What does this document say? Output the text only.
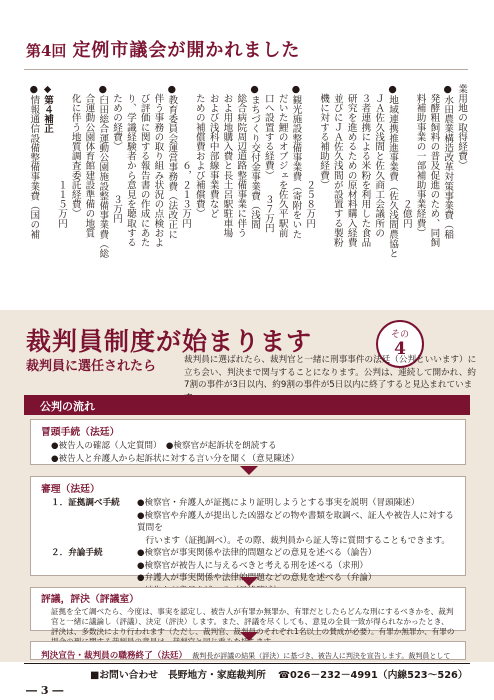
第4回 定例市議会が開かれました

業用地の取得経費）

●水田農業構造改革対策事業費（稲

　発酵粗飼料の普及促進のため、同飼

　料補助事業の一部補助事業経費）

　　　　　　　　　　　　２億円

●地域連携推進事業費（佐久浅間農協と

　ＪＡ佐久浅間と佐久商工会議所の

　３者連携による米粉を利用した食品

　研究を進めるための原材料購入経費

　並びにＪＡ佐久浅間が設置する製粉

　機に対する補助経費）

　　　　　　　　　　２５８万円

●観光施設整備事業費（寄附をいた

　だいた鯉のオブジェを佐久平駅前

　口へ設置する経費）　　３７万円

●まちづくり交付金事業費（浅間

　総合病院周辺道路整備事業に伴う

　およ用地購入費と長土呂駅駐車場

　および浅科中部線事業費など

　ための補償費および補償費）

　　　　　　　　６，２１３万円

●教育委員会運営事務費（法改正に

　伴う事務の取り組み状況の点検およ

　び評価に関する報告書の作成にあた

　り、学識経験者から意見を聴取する

　ための経費）　　　　　３万円

●臼田総合運動公園施設整備事業費（総

　合運動公園体育館建設準備の地質

　化に伴う地質調査委託経費）

　　　　　　　　　　１１５万円

◆第４補正

●情報通信設備整備事業費（国の補

裁判員制度が始まります	その
4
裁判員に選任されたら	裁判員に選ばれたら、裁判官と一緒に刑事事件の法廷（公判といいます）に立ち会い、判決まで関与することになります。公判は、連続して開かれ、約7割の事件が3日以内、約9割の事件が5日以内に終了すると見込まれていま
公判の流れ
冒頭手続（法廷）
●被告人の確認（人定質問）　●検察官が起訴状を朗読する
●被告人と弁護人から起訴状に対する言い分を聞く（意見陳述）
審理（法廷）
１．証拠調べ手続	●検察官・弁護人が証拠により証明しようとする事実を説明（冒頭陳述）
●検察官や弁護人が提出した凶器などの物や書類を取調べ、証人や被告人に対する質問を
　行います（証拠調べ）。その際、裁判員から証人等に質問することもできます。
２．弁論手続	●検察官が事実関係や法律的問題などの意見を述べる（論告）
●検察官が被告人に与えるべきと考える刑を述べる（求刑）
●弁護人が事実関係や法律的問題などの意見を述べる（弁論）
■お問い合わせ　長野地方・家庭裁判所 ☎026－232－4991（内線523～526）
― 3 ―
評議，評決（評議室）
証拠を全て調べたら、今度は、事実を認定し、被告人が有罪か無罪か、有罪だとしたらどんな刑にするべきかを、裁判官と一緒に議論し（評議）、決定（評決）します。また、評議を尽くしても、意見の全員一致が得られなかったとき、評決は、多数決により行われます（ただし、裁判官、裁判員のそれぞれ1名以上の賛成が必要）。有罪か無罪か、有罪の
判決宣告・裁判員の職務終了（法廷） 裁判長が評議の結果（評決）に基づき、被告人に判決を宣告します。裁判員として
